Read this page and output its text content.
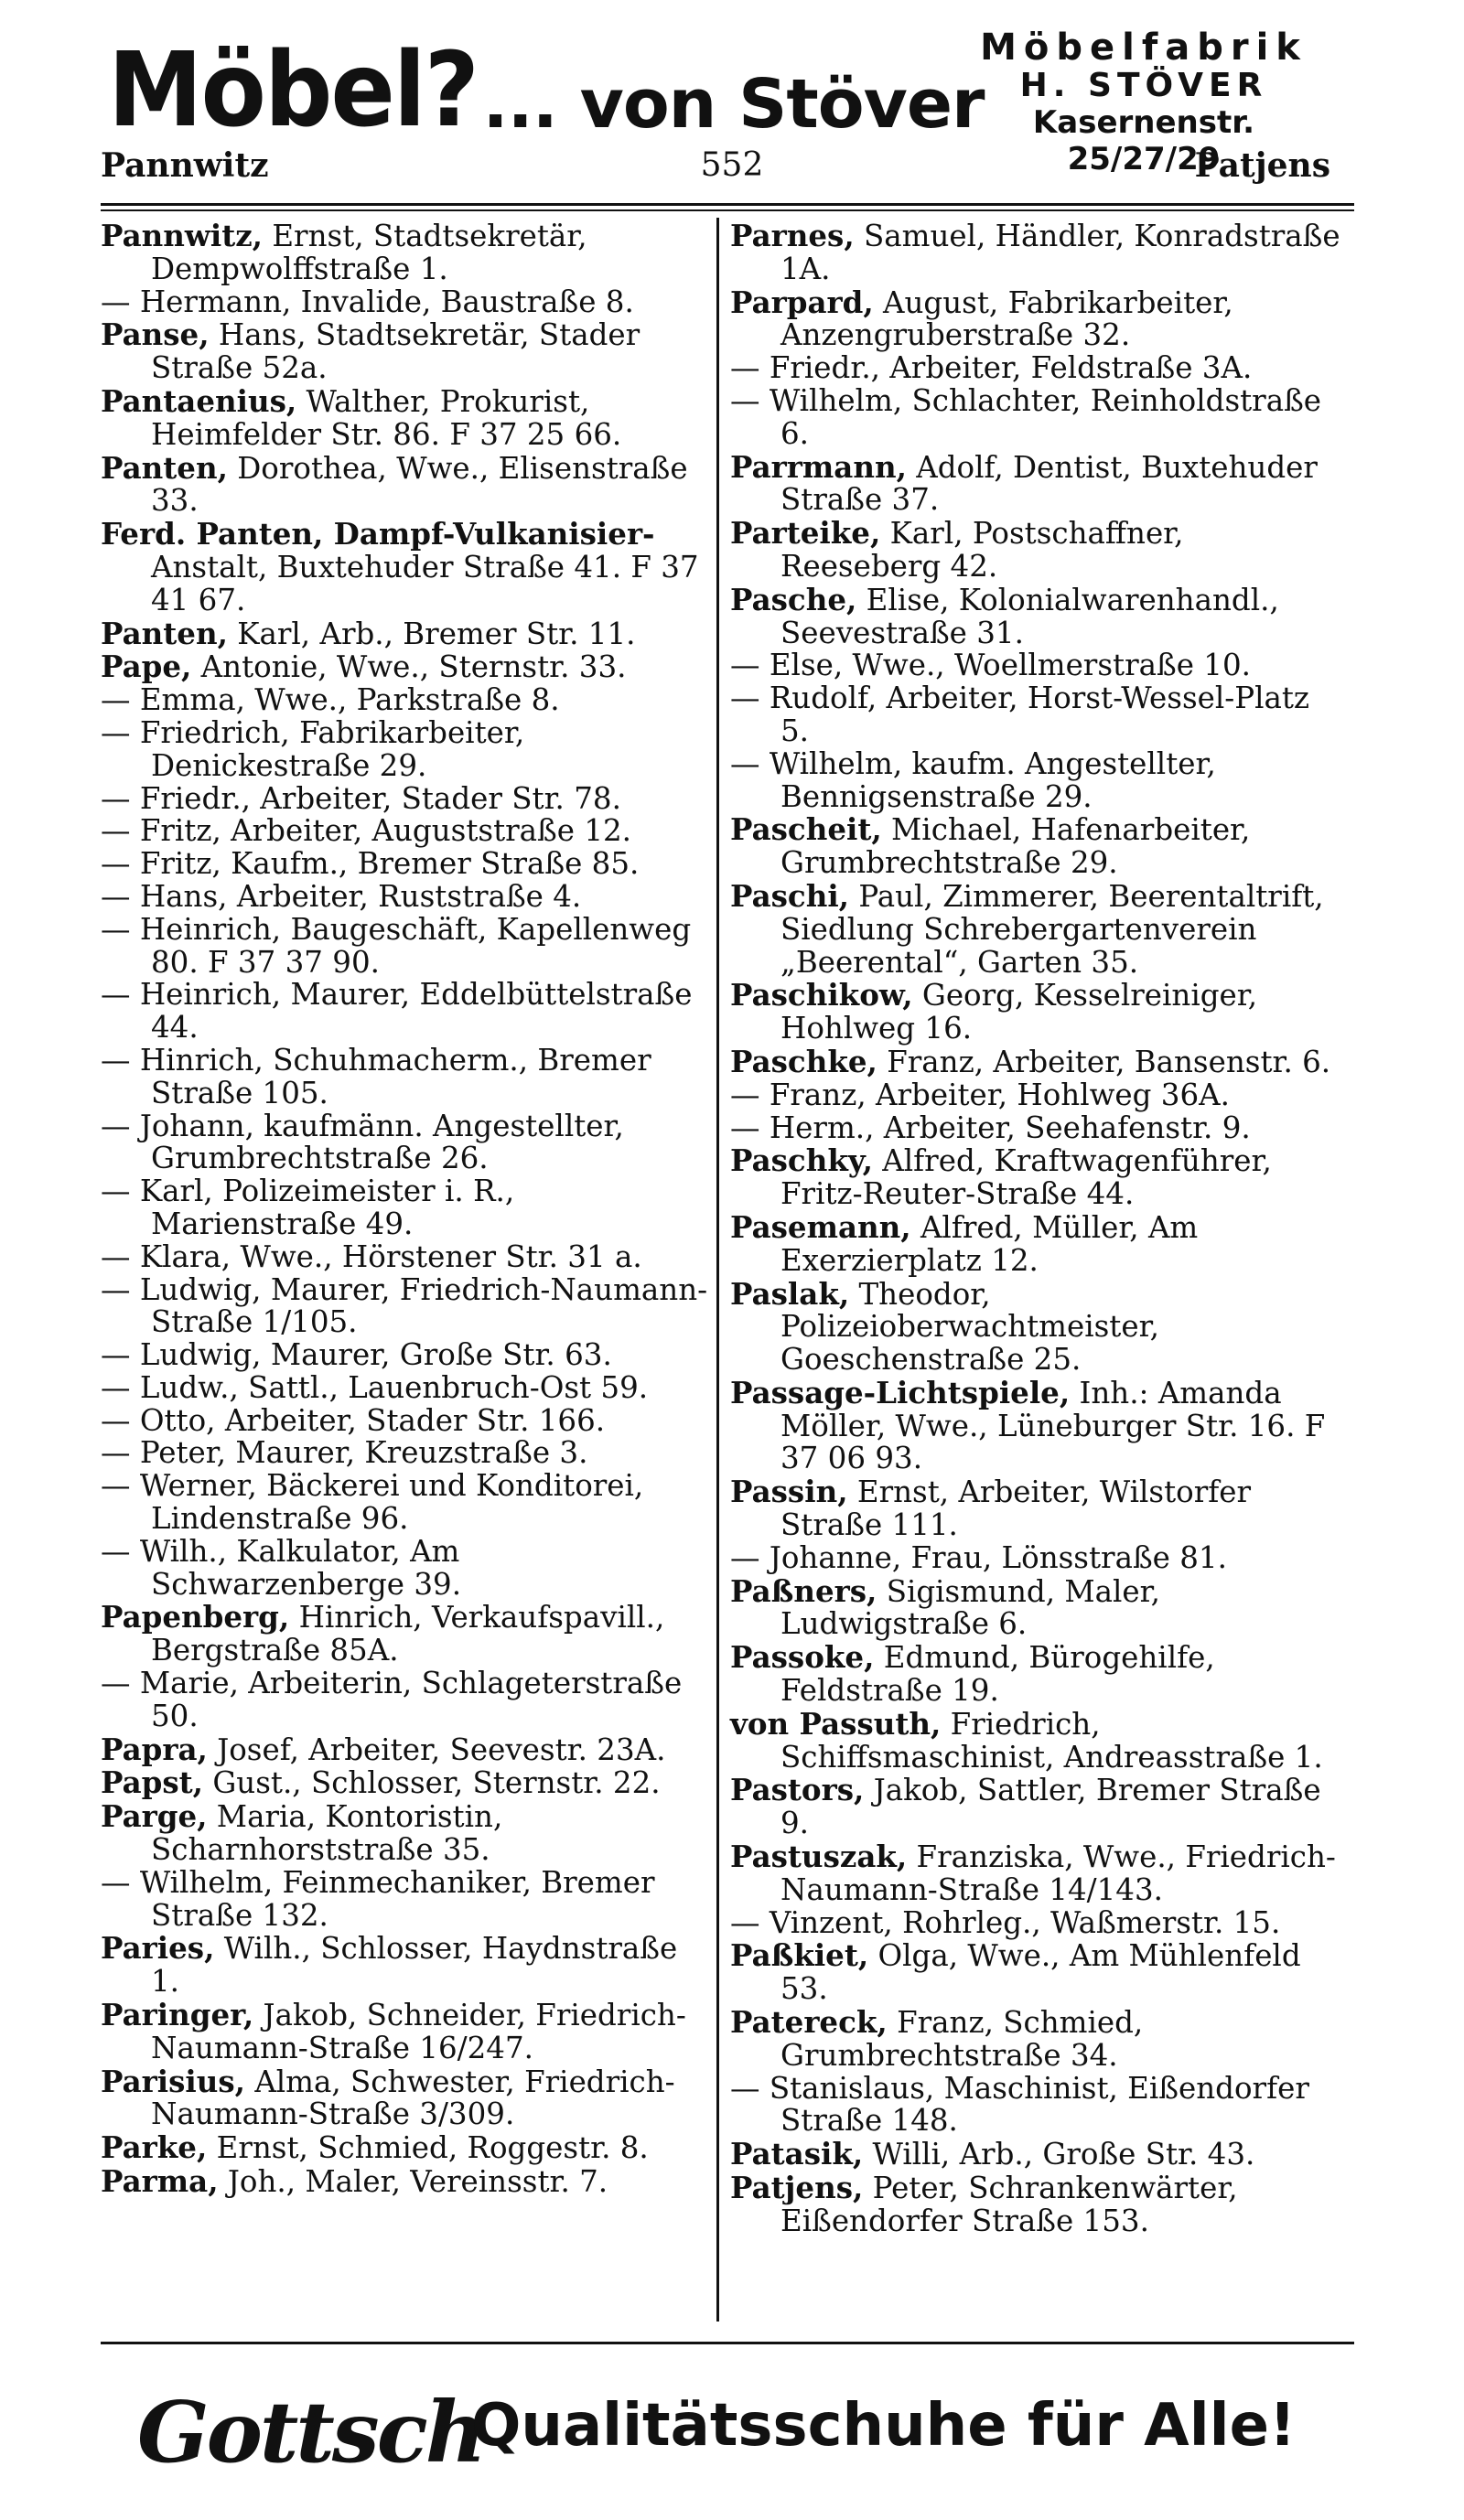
Möbel? ... von Stöver
Möbelfabrik
H. STÖVER
Kasernenstr. 25/27/29
552
Pannwitz	Patjens

Pannwitz, Ernst, Stadtsekretär, Dempwolffstraße 1.

— Hermann, Invalide, Baustraße 8.

Panse, Hans, Stadtsekretär, Stader Straße 52a.

Pantaenius, Walther, Prokurist, Heimfelder Str. 86. F 37 25 66.

Panten, Dorothea, Wwe., Elisenstraße 33.

Ferd. Panten, Dampf-Vulkanisier- Anstalt, Buxtehuder Straße 41. F 37 41 67.

Panten, Karl, Arb., Bremer Str. 11.

Pape, Antonie, Wwe., Sternstr. 33.

— Emma, Wwe., Parkstraße 8.

— Friedrich, Fabrikarbeiter, Denickestraße 29.

— Friedr., Arbeiter, Stader Str. 78.

— Fritz, Arbeiter, Auguststraße 12.

— Fritz, Kaufm., Bremer Straße 85.

— Hans, Arbeiter, Ruststraße 4.

— Heinrich, Baugeschäft, Kapellenweg 80. F 37 37 90.

— Heinrich, Maurer, Eddelbüttelstraße 44.

— Hinrich, Schuhmacherm., Bremer Straße 105.

— Johann, kaufmänn. Angestellter, Grumbrechtstraße 26.

— Karl, Polizeimeister i. R., Marienstraße 49.

— Klara, Wwe., Hörstener Str. 31 a.

— Ludwig, Maurer, Friedrich-Naumann-Straße 1/105.

— Ludwig, Maurer, Große Str. 63.

— Ludw., Sattl., Lauenbruch-Ost 59.

— Otto, Arbeiter, Stader Str. 166.

— Peter, Maurer, Kreuzstraße 3.

— Werner, Bäckerei und Konditorei, Lindenstraße 96.

— Wilh., Kalkulator, Am Schwarzenberge 39.

Papenberg, Hinrich, Verkaufspavill., Bergstraße 85A.

— Marie, Arbeiterin, Schlageterstraße 50.

Papra, Josef, Arbeiter, Seevestr. 23A.

Papst, Gust., Schlosser, Sternstr. 22.

Parge, Maria, Kontoristin, Scharnhorststraße 35.

— Wilhelm, Feinmechaniker, Bremer Straße 132.

Paries, Wilh., Schlosser, Haydnstraße 1.

Paringer, Jakob, Schneider, Friedrich-Naumann-Straße 16/247.

Parisius, Alma, Schwester, Friedrich-Naumann-Straße 3/309.

Parke, Ernst, Schmied, Roggestr. 8.

Parma, Joh., Maler, Vereinsstr. 7.

Parnes, Samuel, Händler, Konradstraße 1A.

Parpard, August, Fabrikarbeiter, Anzengruberstraße 32.

— Friedr., Arbeiter, Feldstraße 3A.

— Wilhelm, Schlachter, Reinholdstraße 6.

Parrmann, Adolf, Dentist, Buxtehuder Straße 37.

Parteike, Karl, Postschaffner, Reeseberg 42.

Pasche, Elise, Kolonialwarenhandl., Seevestraße 31.

— Else, Wwe., Woellmerstraße 10.

— Rudolf, Arbeiter, Horst-Wessel-Platz 5.

— Wilhelm, kaufm. Angestellter, Bennigsenstraße 29.

Pascheit, Michael, Hafenarbeiter, Grumbrechtstraße 29.

Paschi, Paul, Zimmerer, Beerentaltrift, Siedlung Schrebergartenverein „Beerental“, Garten 35.

Paschikow, Georg, Kesselreiniger, Hohlweg 16.

Paschke, Franz, Arbeiter, Bansenstr. 6.

— Franz, Arbeiter, Hohlweg 36A.

— Herm., Arbeiter, Seehafenstr. 9.

Paschky, Alfred, Kraftwagenführer, Fritz-Reuter-Straße 44.

Pasemann, Alfred, Müller, Am Exerzierplatz 12.

Paslak, Theodor, Polizeioberwachtmeister, Goeschenstraße 25.

Passage-Lichtspiele, Inh.: Amanda Möller, Wwe., Lüneburger Str. 16. F 37 06 93.

Passin, Ernst, Arbeiter, Wilstorfer Straße 111.

— Johanne, Frau, Lönsstraße 81.

Paßners, Sigismund, Maler, Ludwigstraße 6.

Passoke, Edmund, Bürogehilfe, Feldstraße 19.

von Passuth, Friedrich, Schiffsmaschinist, Andreasstraße 1.

Pastors, Jakob, Sattler, Bremer Straße 9.

Pastuszak, Franziska, Wwe., Friedrich-Naumann-Straße 14/143.

— Vinzent, Rohrleg., Waßmerstr. 15.

Paßkiet, Olga, Wwe., Am Mühlenfeld 53.

Patereck, Franz, Schmied, Grumbrechtstraße 34.

— Stanislaus, Maschinist, Eißendorfer Straße 148.

Patasik, Willi, Arb., Große Str. 43.

Patjens, Peter, Schrankenwärter, Eißendorfer Straße 153.

Gottsch
Qualitätsschuhe für Alle!
